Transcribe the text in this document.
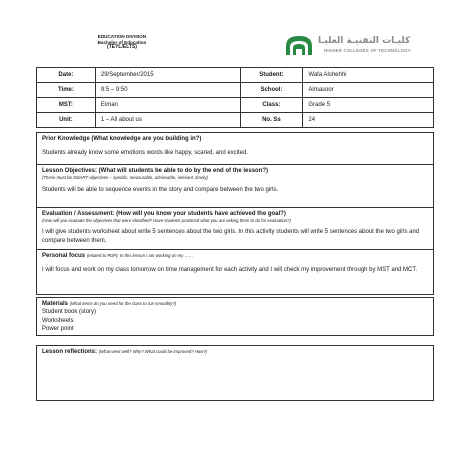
EDUCATION DIVISION
Bachelor of Education
(TEYL/ELTS)
كليـات التقنيـة العليـا
HIGHER COLLEGES OF TECHNOLOGY
Date:	29/September/2015	Student:	Wafa Alshehhi
Time:	9:5 – 9:50	School:	Almasoor
MST:	Eiman	Class:	Grade 5
Unit:	1 – All about us	No. Ss	24
Prior Knowledge (What knowledge are you building in?)
Students already know some emotions words like happy, scared, and excited.
Lesson Objectives: (What will students be able to do by the end of the lesson?)
(These must be SMART objectives – specific, measurable, achievable, relevant, timely)
Students will be able to sequence events in the story and compare between the two girls.
Evaluation / Assessment: (How will you know your students have achieved the goal?)
(How will you evaluate the objectives that were identified? Have students practiced what you are asking them to do for evaluation?)
I will give students worksheet about write 5 sentences about the two girls. In this activity students will write 5 sentences about the two girls and compare between them.
Personal focus (related to PDP): In this lesson I am working on my ……
I will focus and work on my class tomorrow on time management for each activity and I will check my improvement through by MST and MCT.
Materials (What items do you need for the class to run smoothly?)
Student book (story)
Worksheets
Power point
Lesson reflections: (What went well? Why? What could be improved? How?)
